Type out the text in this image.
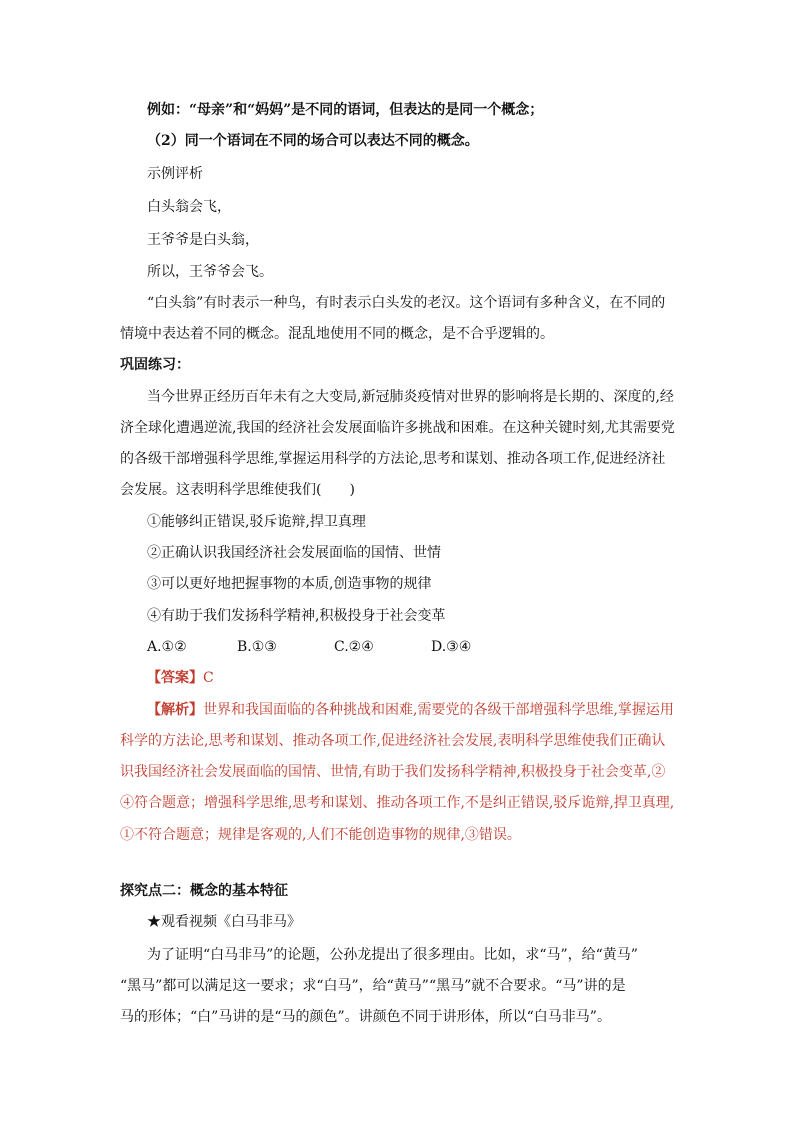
例如：“母亲”和“妈妈”是不同的语词，但表达的是同一个概念；
（2）同一个语词在不同的场合可以表达不同的概念。
示例评析
白头翁会飞，
王爷爷是白头翁，
所以，王爷爷会飞。
“白头翁”有时表示一种鸟，有时表示白头发的老汉。这个语词有多种含义，在不同的
情境中表达着不同的概念。混乱地使用不同的概念，是不合乎逻辑的。
巩固练习：
当今世界正经历百年未有之大变局,新冠肺炎疫情对世界的影响将是长期的、深度的,经
济全球化遭遇逆流,我国的经济社会发展面临许多挑战和困难。在这种关键时刻,尤其需要党
的各级干部增强科学思维,掌握运用科学的方法论,思考和谋划、推动各项工作,促进经济社
会发展。这表明科学思维使我们(　　)
①能够纠正错误,驳斥诡辩,捍卫真理
②正确认识我国经济社会发展面临的国情、世情
③可以更好地把握事物的本质,创造事物的规律
④有助于我们发扬科学精神,积极投身于社会变革
A.①②	B.①③	C.②④	D.③④
【答案】C
【解析】世界和我国面临的各种挑战和困难,需要党的各级干部增强科学思维,掌握运用
科学的方法论,思考和谋划、推动各项工作,促进经济社会发展,表明科学思维使我们正确认
识我国经济社会发展面临的国情、世情,有助于我们发扬科学精神,积极投身于社会变革,②
④符合题意；增强科学思维,思考和谋划、推动各项工作,不是纠正错误,驳斥诡辩,捍卫真理,
①不符合题意；规律是客观的,人们不能创造事物的规律,③错误。
探究点二：概念的基本特征
★观看视频《白马非马》
为了证明“白马非马”的论题，公孙龙提出了很多理由。比如，求“马”，给“黄马”
“黑马”都可以满足这一要求；求“白马”，给“黄马”“黑马”就不合要求。“马”讲的是
马的形体；“白”马讲的是“马的颜色”。讲颜色不同于讲形体，所以“白马非马”。
